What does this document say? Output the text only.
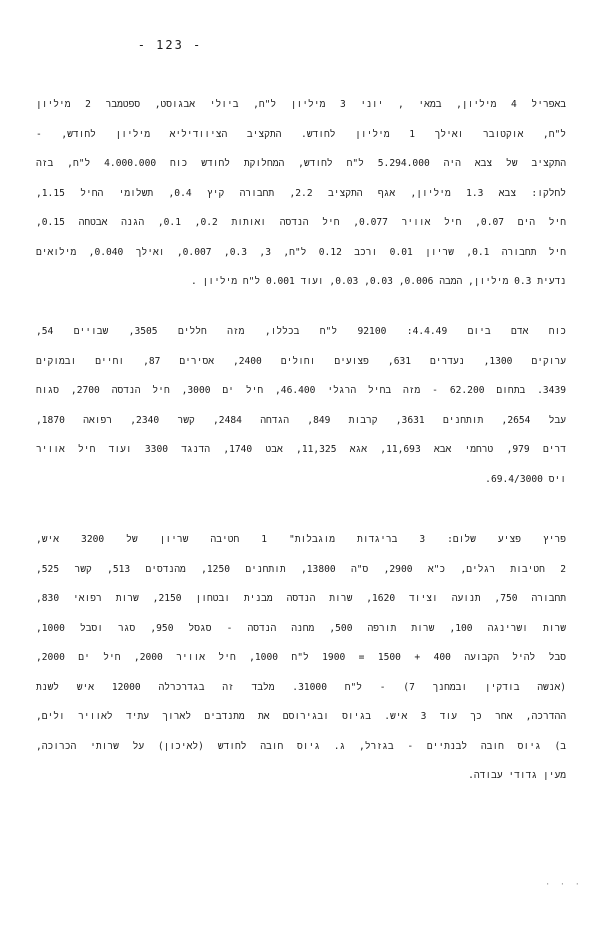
- 123 -
באפריל 4 מיליון, במאי , יוני 3 מיליון ל"ח, ביולי אבגוסט, ספטמבר 2 מיליון
ל"ח, אוקטובר ואילך 1 מיליון לחודש. התקציב הציוודיליא מיליון לחודש, -
התקציב של צבא היה 5.294.000 ל"ח לחודש, המחלוקת לחודש כוח 4.000.000 ל"ח, בזה
לחלקו: צבא 1.3 מיליון, אגף התקציב 2.2, תחבורה קיץ 0.4, תשלומי החיל 1.15,
חיל הים 0.07, חיל אוויר 0.077, חיל הנדסה ואותות 0.2, 0.1, הגנה אבטחה 0.15,
חיל תחבורה 0.1, שריון 0.01 ורכב 0.12 ל"ח, 3, 0.3, 0.007, ואילך 0.040, מילואים
נדעית 0.3 מיליון, המבה 0.006, 0.03, 0.03, ועוד 0.001 ל"ח מיליון .
כוח אדם ביום 4.4.49: 92100 ל"ח בכללו, מזה חללים 3505, שבויים 54,
ערוקים 1300, נעדרים 631, פצועים וחולים 2400, אסירים 87, וחיים ובמוקים
3439. בתחום 62.200 - מזה בחיל הרגלי 46.400, חיל ים 3000, חיל הנדסה 2700, סגוח
עבל 2654, תותחנים 3631, קרבות 849, הגדחה 2484, קשר 2340, רפואה 1870,
דרים 979, טרחמי אבא 11,693, אגא 11,325, אבט 1740, הדנגד 3300 ועוד חיל אוויר
ויס 69.4/3000.
פריץ פציע שלום: 3 בריגדות מוגבלות" 1 חטיבה שריון של 3200 איש,
2 חטיבות רגלים, כ"א 2900, ס"ה 13800, תותחנים 1250, מהנדסים 513, קשר 525,
תחבורה 750, תנועה וציוד 1620, שרות הנדסה מבנית ובטחון 2150, שרות רפואי 830,
שרות ושרינגה 100, שרות תורפה 500, מחנה הנדסה - סגסל 950, סגר וסבל 1000,
סבל להיל הקבועה 400 + 1500 = 1900 ל"ח 1000, חיל אוויר 2000, חיל ים 2000,
(אנשה בודקין ובמחנך 7) - ל"ח 31000. מלבד זה בגדרכרלה 12000 איש לשנת
ההדרכה, אחר כך עוד 3 איש. בגיוס ובגירוסם את מתנדבים לארוך עתיד לאוויר ולים,
ב) גיוס חובה לבנתיים - בגזרל, ג. גיוס חובה לחודש (לאיכון) על שרותי הכרוכה,
מעין גדודי עבודה.
· · ·
